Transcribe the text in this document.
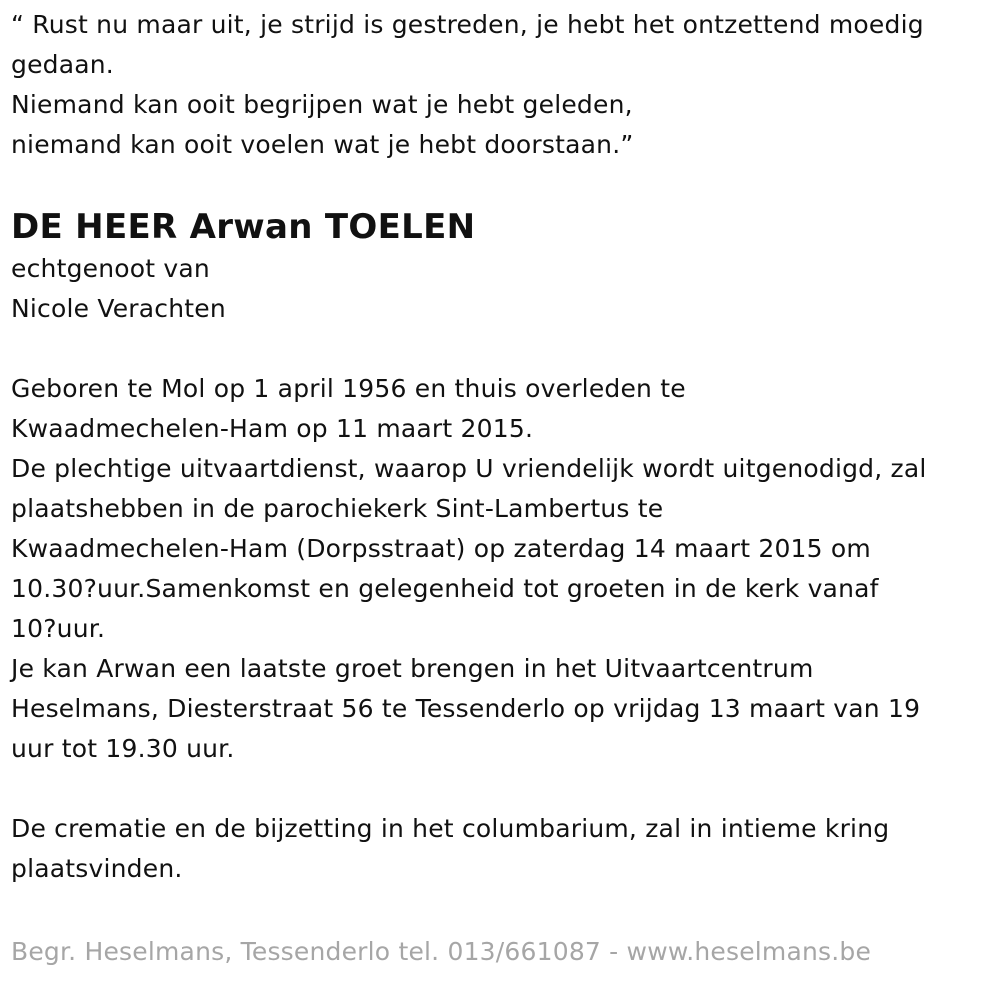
“ Rust nu maar uit, je strijd is gestreden, je hebt het ontzettend moedig
gedaan.
Niemand kan ooit begrijpen wat je hebt geleden,
niemand kan ooit voelen wat je hebt doorstaan.”
DE HEER Arwan TOELEN
echtgenoot van
Nicole Verachten
Geboren te Mol op 1 april 1956 en thuis overleden te
Kwaadmechelen-Ham op 11 maart 2015.
De plechtige uitvaartdienst, waarop U vriendelijk wordt uitgenodigd, zal
plaatshebben in de parochiekerk Sint-Lambertus te
Kwaadmechelen-Ham (Dorpsstraat) op zaterdag 14 maart 2015 om
10.30?uur.Samenkomst en gelegenheid tot groeten in de kerk vanaf
10?uur.
Je kan Arwan een laatste groet brengen in het Uitvaartcentrum
Heselmans, Diesterstraat 56 te Tessenderlo op vrijdag 13 maart van 19
uur tot 19.30 uur.
De crematie en de bijzetting in het columbarium, zal in intieme kring
plaatsvinden.
Begr. Heselmans, Tessenderlo tel. 013/661087 - www.heselmans.be
